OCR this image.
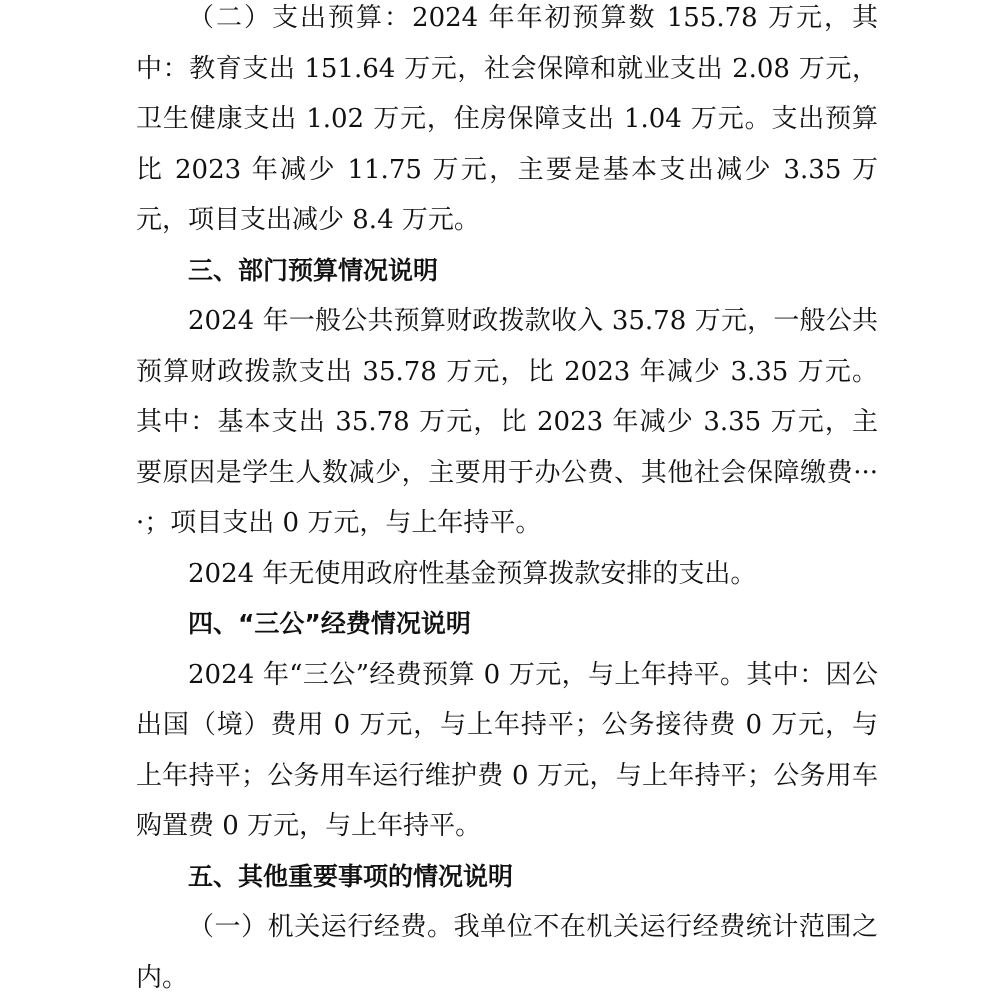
（二）支出预算：2024 年年初预算数 155.78 万元，其中：教育支出 151.64 万元，社会保障和就业支出 2.08 万元，卫生健康支出 1.02 万元，住房保障支出 1.04 万元。支出预算比 2023 年减少 11.75 万元，主要是基本支出减少 3.35 万元，项目支出减少 8.4 万元。

三、部门预算情况说明

2024 年一般公共预算财政拨款收入 35.78 万元，一般公共预算财政拨款支出 35.78 万元，比 2023 年减少 3.35 万元。其中：基本支出 35.78 万元，比 2023 年减少 3.35 万元，主要原因是学生人数减少，主要用于办公费、其他社会保障缴费····；项目支出 0 万元，与上年持平。

2024 年无使用政府性基金预算拨款安排的支出。

四、“三公”经费情况说明

2024 年“三公”经费预算 0 万元，与上年持平。其中：因公出国（境）费用 0 万元，与上年持平；公务接待费 0 万元，与上年持平；公务用车运行维护费 0 万元，与上年持平；公务用车购置费 0 万元，与上年持平。

五、其他重要事项的情况说明

（一）机关运行经费。我单位不在机关运行经费统计范围之内。
